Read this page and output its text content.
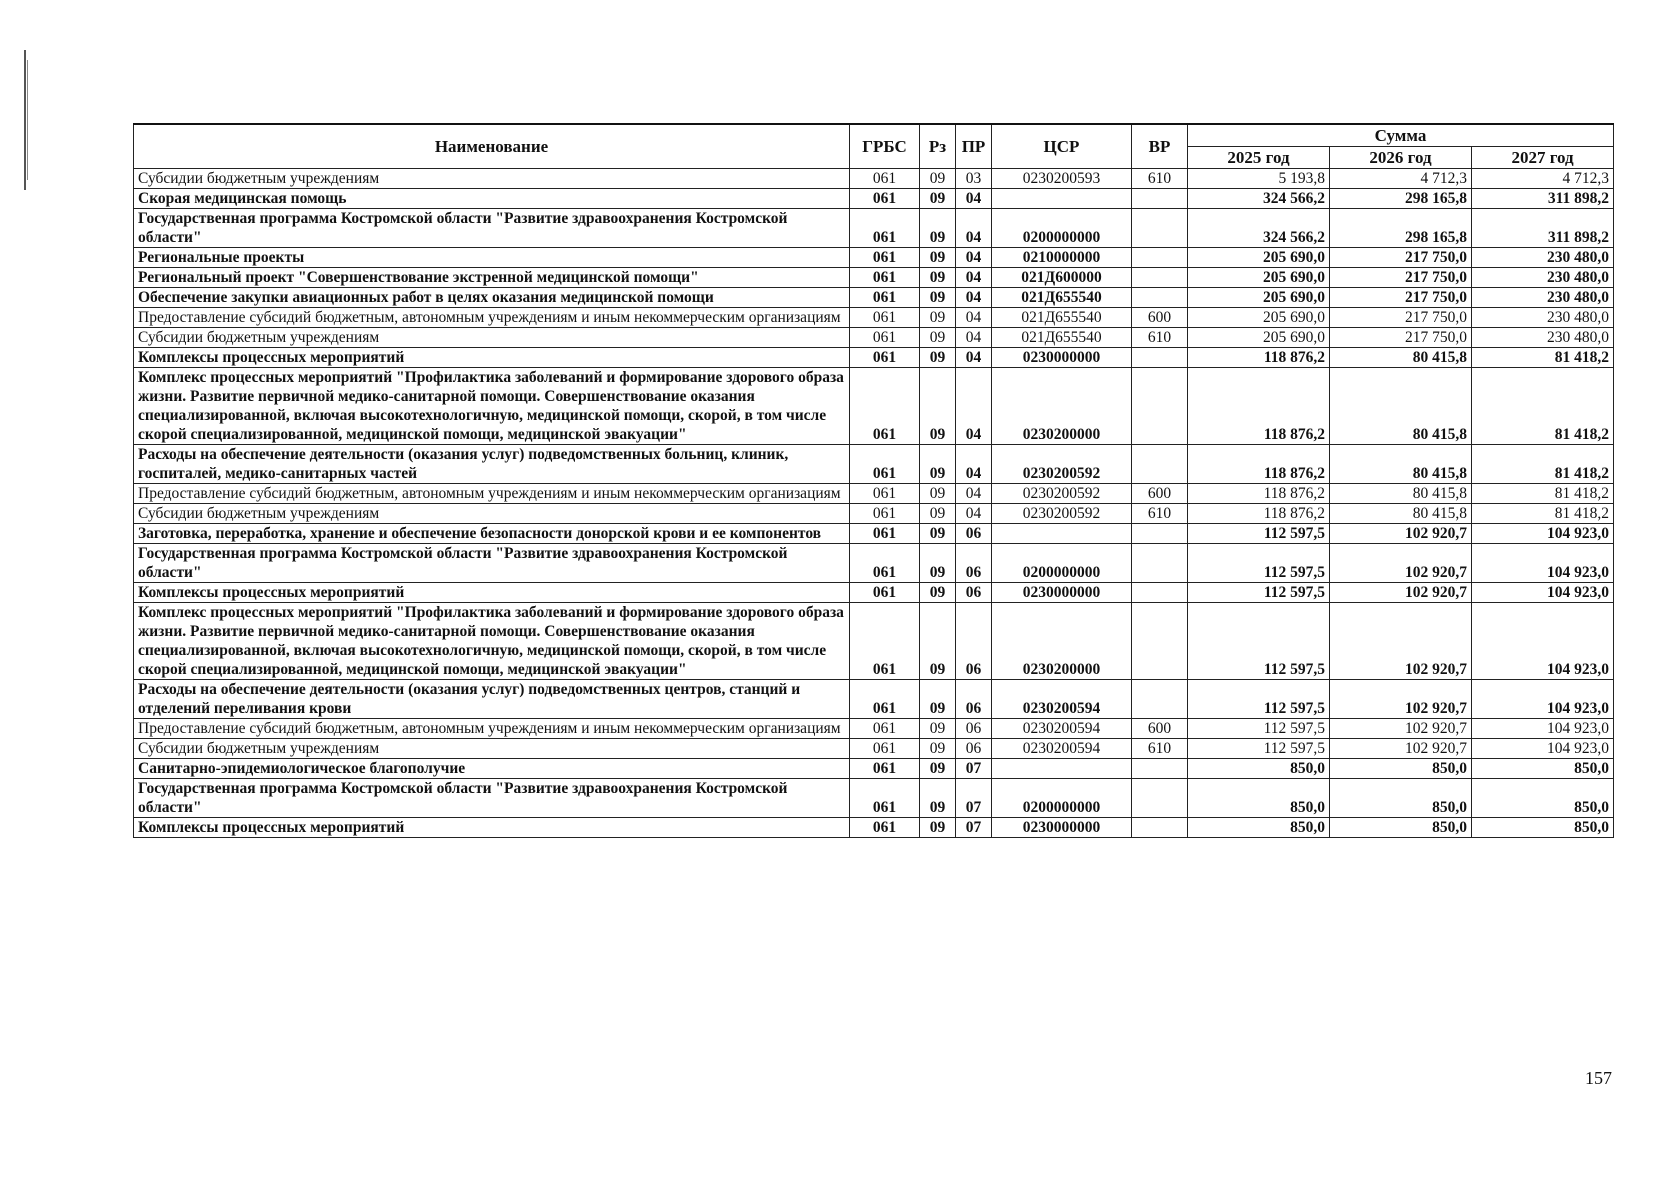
Наименование	ГРБС	Рз	ПР	ЦСР	ВР	Сумма		
						2025 год	2026 год	2027 год
Субсидии бюджетным учреждениям	061	09	03	0230200593	610	5 193,8	4 712,3	4 712,3
Скорая медицинская помощь	061	09	04			324 566,2	298 165,8	311 898,2
Государственная программа Костромской области "Развитие здравоохранения Костромской области"	061	09	04	0200000000		324 566,2	298 165,8	311 898,2
Региональные проекты	061	09	04	0210000000		205 690,0	217 750,0	230 480,0
Региональный проект "Совершенствование экстренной медицинской помощи"	061	09	04	021Д600000		205 690,0	217 750,0	230 480,0
Обеспечение закупки авиационных работ в целях оказания медицинской помощи	061	09	04	021Д655540		205 690,0	217 750,0	230 480,0
Предоставление субсидий бюджетным, автономным учреждениям и иным некоммерческим организациям	061	09	04	021Д655540	600	205 690,0	217 750,0	230 480,0
Субсидии бюджетным учреждениям	061	09	04	021Д655540	610	205 690,0	217 750,0	230 480,0
Комплексы процессных мероприятий	061	09	04	0230000000		118 876,2	80 415,8	81 418,2
Комплекс процессных мероприятий "Профилактика заболеваний и формирование здорового образа жизни. Развитие первичной медико-санитарной помощи. Совершенствование оказания специализированной, включая высокотехнологичную, медицинской помощи, скорой, в том числе скорой специализированной, медицинской помощи, медицинской эвакуации"	061	09	04	0230200000		118 876,2	80 415,8	81 418,2
Расходы на обеспечение деятельности (оказания услуг) подведомственных больниц, клиник, госпиталей, медико-санитарных частей	061	09	04	0230200592		118 876,2	80 415,8	81 418,2
Предоставление субсидий бюджетным, автономным учреждениям и иным некоммерческим организациям	061	09	04	0230200592	600	118 876,2	80 415,8	81 418,2
Субсидии бюджетным учреждениям	061	09	04	0230200592	610	118 876,2	80 415,8	81 418,2
Заготовка, переработка, хранение и обеспечение безопасности донорской крови и ее компонентов	061	09	06			112 597,5	102 920,7	104 923,0
Государственная программа Костромской области "Развитие здравоохранения Костромской области"	061	09	06	0200000000		112 597,5	102 920,7	104 923,0
Комплексы процессных мероприятий	061	09	06	0230000000		112 597,5	102 920,7	104 923,0
Комплекс процессных мероприятий "Профилактика заболеваний и формирование здорового образа жизни. Развитие первичной медико-санитарной помощи. Совершенствование оказания специализированной, включая высокотехнологичную, медицинской помощи, скорой, в том числе скорой специализированной, медицинской помощи, медицинской эвакуации"	061	09	06	0230200000		112 597,5	102 920,7	104 923,0
Расходы на обеспечение деятельности (оказания услуг) подведомственных центров, станций и отделений переливания крови	061	09	06	0230200594		112 597,5	102 920,7	104 923,0
Предоставление субсидий бюджетным, автономным учреждениям и иным некоммерческим организациям	061	09	06	0230200594	600	112 597,5	102 920,7	104 923,0
Субсидии бюджетным учреждениям	061	09	06	0230200594	610	112 597,5	102 920,7	104 923,0
Санитарно-эпидемиологическое благополучие	061	09	07			850,0	850,0	850,0
Государственная программа Костромской области "Развитие здравоохранения Костромской области"	061	09	07	0200000000		850,0	850,0	850,0
Комплексы процессных мероприятий	061	09	07	0230000000		850,0	850,0	850,0
157
